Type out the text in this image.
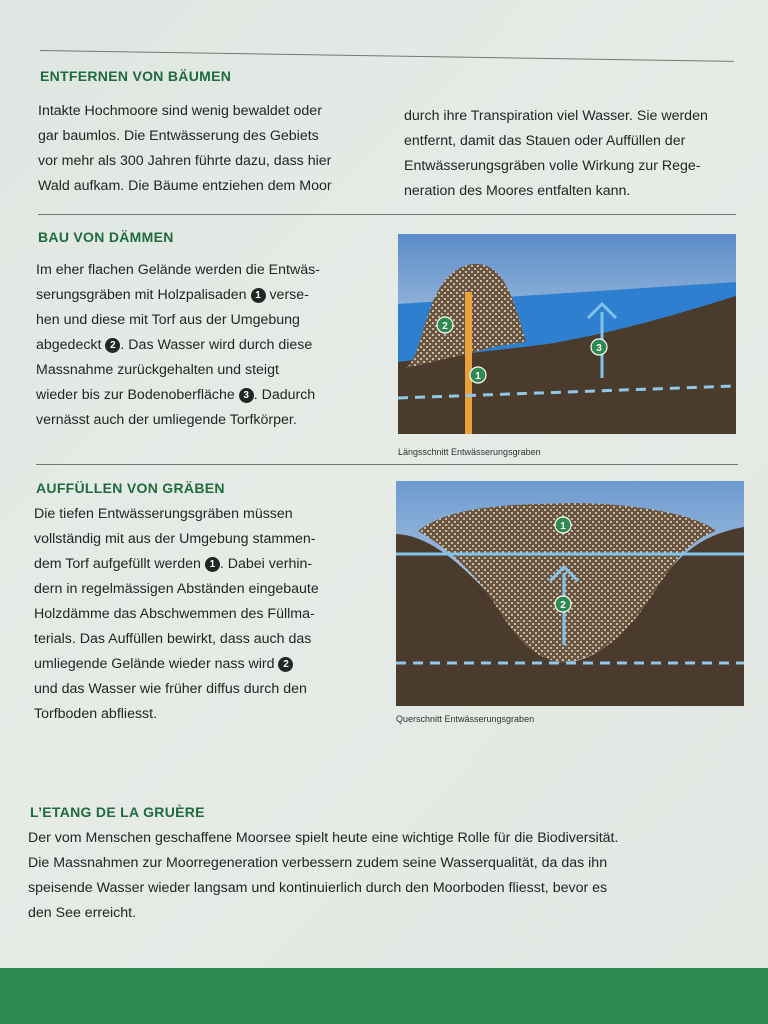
ENTFERNEN VON BÄUMEN
Intakte Hochmoore sind wenig bewaldet oder
gar baumlos. Die Entwässerung des Gebiets
vor mehr als 300 Jahren führte dazu, dass hier
Wald aufkam. Die Bäume entziehen dem Moor
durch ihre Transpiration viel Wasser. Sie werden
entfernt, damit das Stauen oder Auffüllen der
Entwässerungsgräben volle Wirkung zur Rege-
neration des Moores entfalten kann.
BAU VON DÄMMEN
Im eher flachen Gelände werden die Entwäs-
serungsgräben mit Holzpalisaden 1 verse-
hen und diese mit Torf aus der Umgebung
abgedeckt 2 . Das Wasser wird durch diese
Massnahme zurückgehalten und steigt
wieder bis zur Bodenoberfläche 3 . Dadurch
vernässt auch der umliegende Torfkörper.
1
2
3
Längsschnitt Entwässerungsgraben
AUFFÜLLEN VON GRÄBEN
Die tiefen Entwässerungsgräben müssen
vollständig mit aus der Umgebung stammen-
dem Torf aufgefüllt werden 1 . Dabei verhin-
dern in regelmässigen Abständen eingebaute
Holzdämme das Abschwemmen des Füllma-
terials. Das Auffüllen bewirkt, dass auch das
umliegende Gelände wieder nass wird 2
und das Wasser wie früher diffus durch den
Torfboden abfliesst.
1
2
Querschnitt Entwässerungsgraben
L’ETANG DE LA GRUÈRE
Der vom Menschen geschaffene Moorsee spielt heute eine wichtige Rolle für die Biodiversität.
Die Massnahmen zur Moorregeneration verbessern zudem seine Wasserqualität, da das ihn
speisende Wasser wieder langsam und kontinuierlich durch den Moorboden fliesst, bevor es
den See erreicht.
